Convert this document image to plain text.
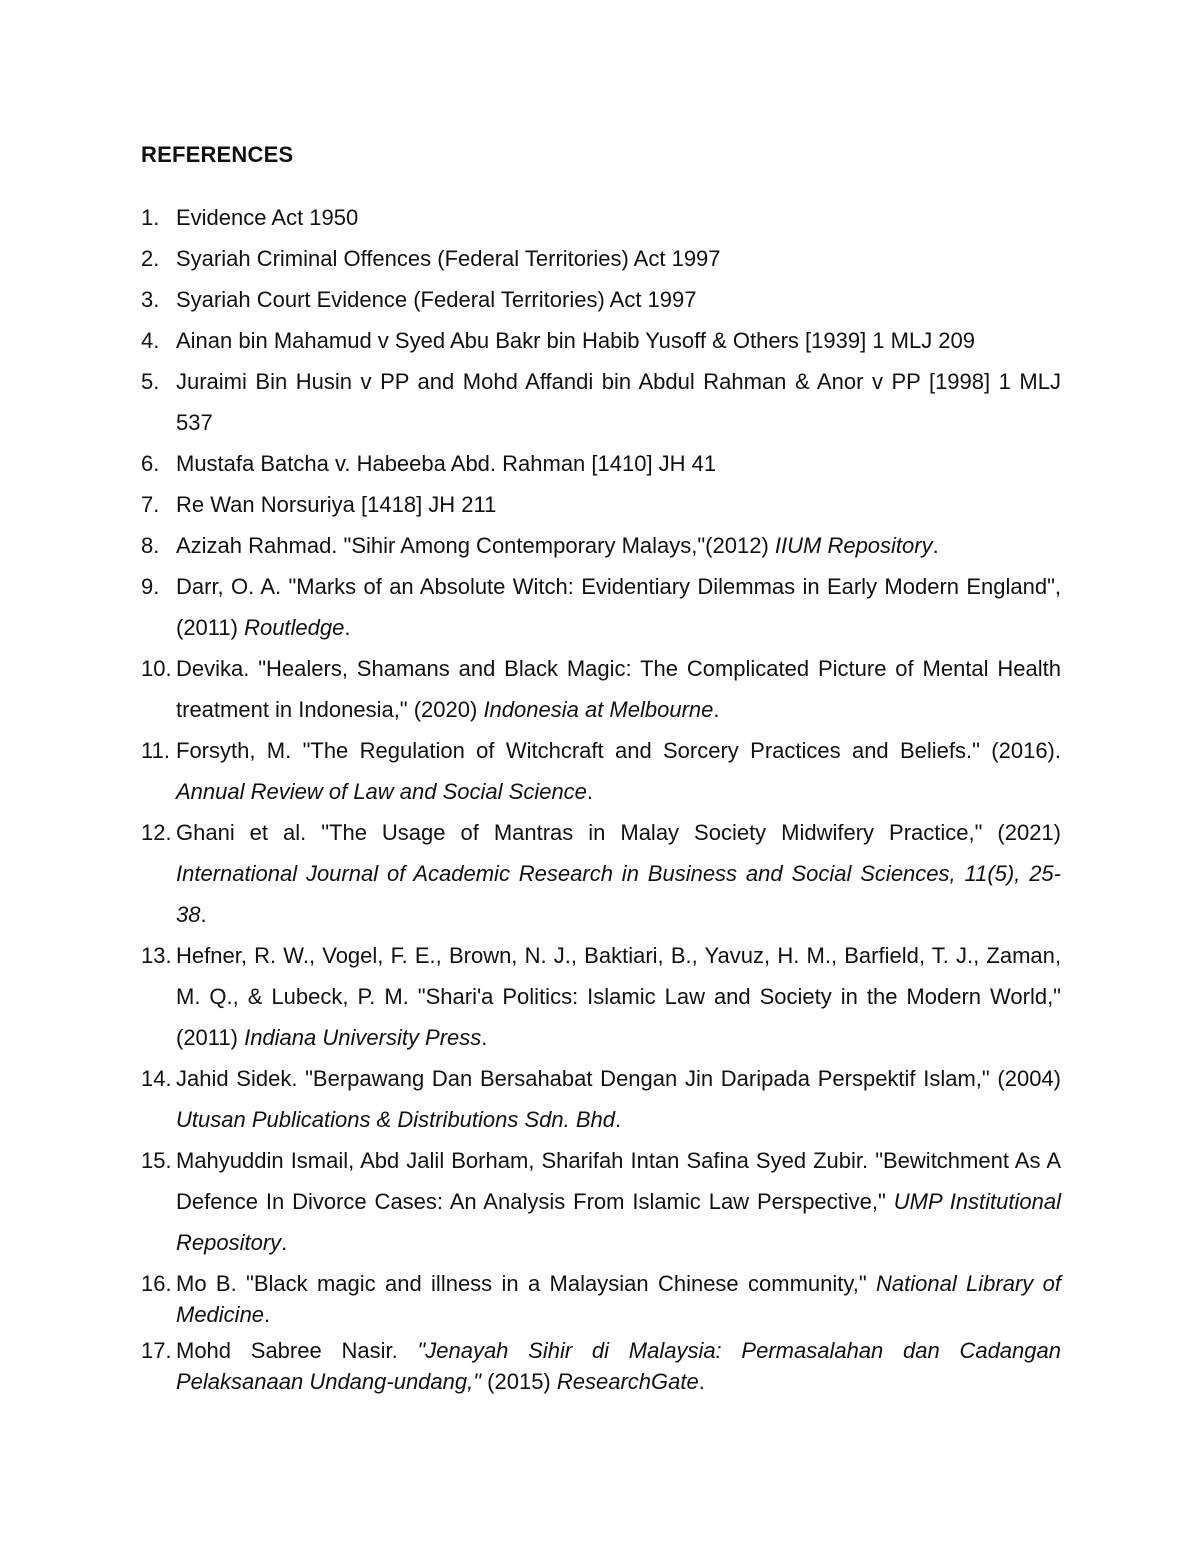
REFERENCES
1. Evidence Act 1950
2. Syariah Criminal Offences (Federal Territories) Act 1997
3. Syariah Court Evidence (Federal Territories) Act 1997
4. Ainan bin Mahamud v Syed Abu Bakr bin Habib Yusoff & Others [1939] 1 MLJ 209
5. Juraimi Bin Husin v PP and Mohd Affandi bin Abdul Rahman & Anor v PP [1998] 1 MLJ 537
6. Mustafa Batcha v. Habeeba Abd. Rahman [1410] JH 41
7. Re Wan Norsuriya [1418] JH 211
8. Azizah Rahmad. "Sihir Among Contemporary Malays,"(2012) IIUM Repository.
9. Darr, O. A. "Marks of an Absolute Witch: Evidentiary Dilemmas in Early Modern England", (2011) Routledge.
10. Devika. "Healers, Shamans and Black Magic: The Complicated Picture of Mental Health treatment in Indonesia," (2020) Indonesia at Melbourne.
11. Forsyth, M. "The Regulation of Witchcraft and Sorcery Practices and Beliefs." (2016). Annual Review of Law and Social Science.
12. Ghani et al. "The Usage of Mantras in Malay Society Midwifery Practice," (2021) International Journal of Academic Research in Business and Social Sciences, 11(5), 25-38.
13. Hefner, R. W., Vogel, F. E., Brown, N. J., Baktiari, B., Yavuz, H. M., Barfield, T. J., Zaman, M. Q., & Lubeck, P. M. "Shari'a Politics: Islamic Law and Society in the Modern World," (2011) Indiana University Press.
14. Jahid Sidek. "Berpawang Dan Bersahabat Dengan Jin Daripada Perspektif Islam," (2004) Utusan Publications & Distributions Sdn. Bhd.
15. Mahyuddin Ismail, Abd Jalil Borham, Sharifah Intan Safina Syed Zubir. "Bewitchment As A Defence In Divorce Cases: An Analysis From Islamic Law Perspective," UMP Institutional Repository.
16. Mo B. "Black magic and illness in a Malaysian Chinese community," National Library of Medicine.
17. Mohd Sabree Nasir. "Jenayah Sihir di Malaysia: Permasalahan dan Cadangan Pelaksanaan Undang-undang," (2015) ResearchGate.
